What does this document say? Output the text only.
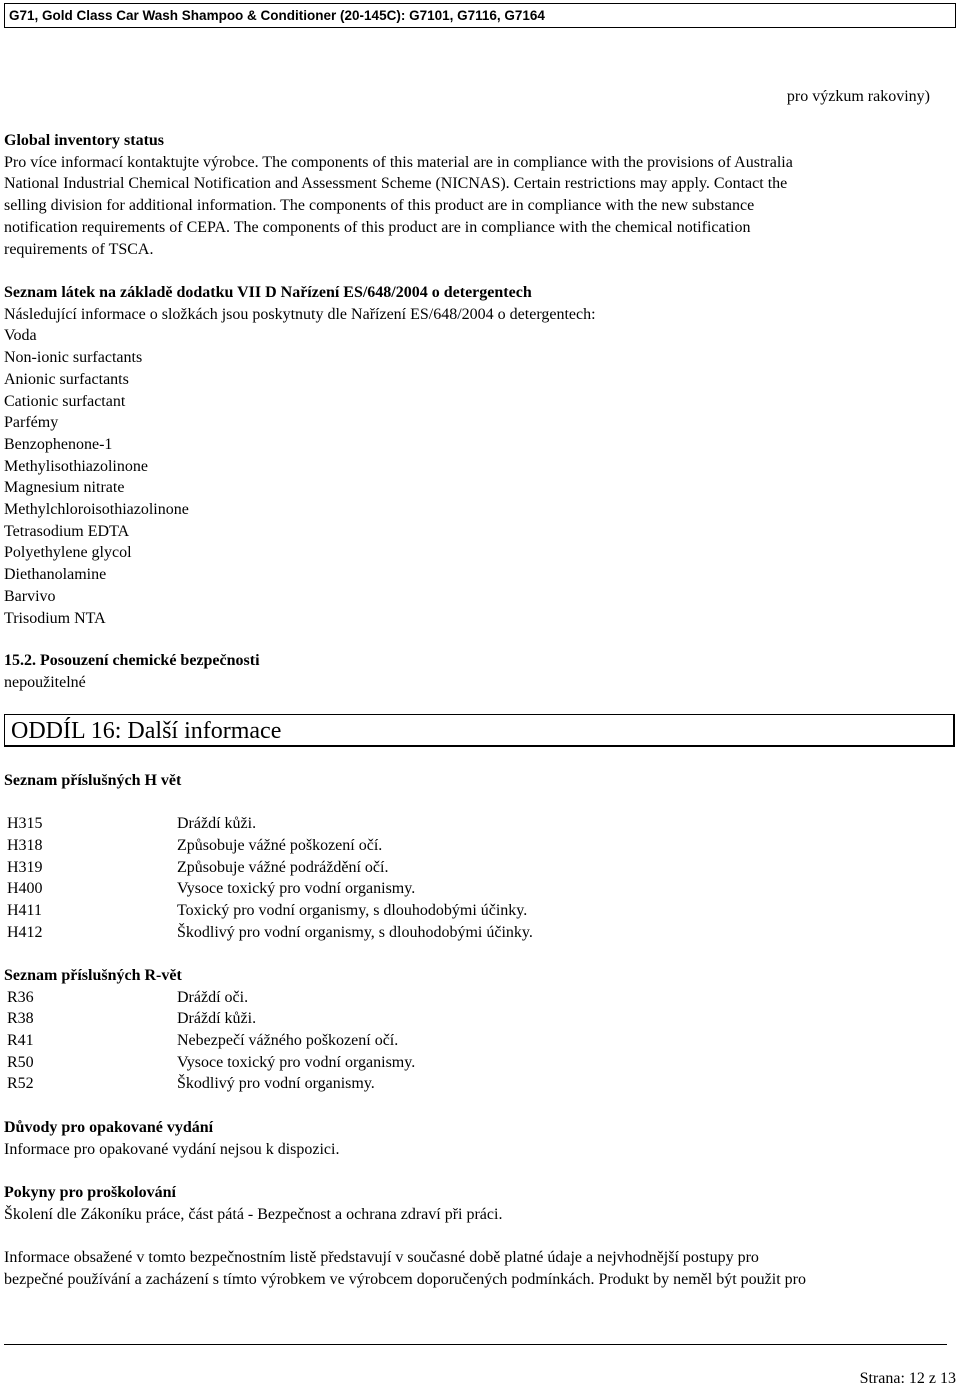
G71, Gold Class Car Wash Shampoo & Conditioner (20-145C): G7101, G7116, G7164
pro výzkum rakoviny)

Global inventory status

Pro více informací kontaktujte výrobce. The components of this material are in compliance with the provisions of Australia

National Industrial Chemical Notification and Assessment Scheme (NICNAS). Certain restrictions may apply. Contact the

selling division for additional information. The components of this product are in compliance with the new substance

notification requirements of CEPA. The components of this product are in compliance with the chemical notification

requirements of TSCA.

Seznam látek na základě dodatku VII D Nařízení ES/648/2004 o detergentech

Následující informace o složkách jsou poskytnuty dle Nařízení ES/648/2004 o detergentech:

Voda

Non-ionic surfactants

Anionic surfactants

Cationic surfactant

Parfémy

Benzophenone-1

Methylisothiazolinone

Magnesium nitrate

Methylchloroisothiazolinone

Tetrasodium EDTA

Polyethylene glycol

Diethanolamine

Barvivo

Trisodium NTA

15.2. Posouzení chemické bezpečnosti

nepoužitelné

ODDÍL 16: Další informace
Seznam příslušných H vět
H315	Dráždí kůži.
H318	Způsobuje vážné poškození očí.
H319	Způsobuje vážné podráždění očí.
H400	Vysoce toxický pro vodní organismy.
H411	Toxický pro vodní organismy, s dlouhodobými účinky.
H412	Škodlivý pro vodní organismy, s dlouhodobými účinky.
Seznam příslušných R-vět
R36	Dráždí oči.
R38	Dráždí kůži.
R41	Nebezpečí vážného poškození očí.
R50	Vysoce toxický pro vodní organismy.
R52	Škodlivý pro vodní organismy.

Důvody pro opakované vydání

Informace pro opakované vydání nejsou k dispozici.

Pokyny pro proškolování

Školení dle Zákoníku práce, část pátá - Bezpečnost a ochrana zdraví při práci.

Informace obsažené v tomto bezpečnostním listě představují v současné době platné údaje a nejvhodnější postupy pro

bezpečné používání a zacházení s tímto výrobkem ve výrobcem doporučených podmínkách. Produkt by neměl být použit pro

Strana: 12 z 13
